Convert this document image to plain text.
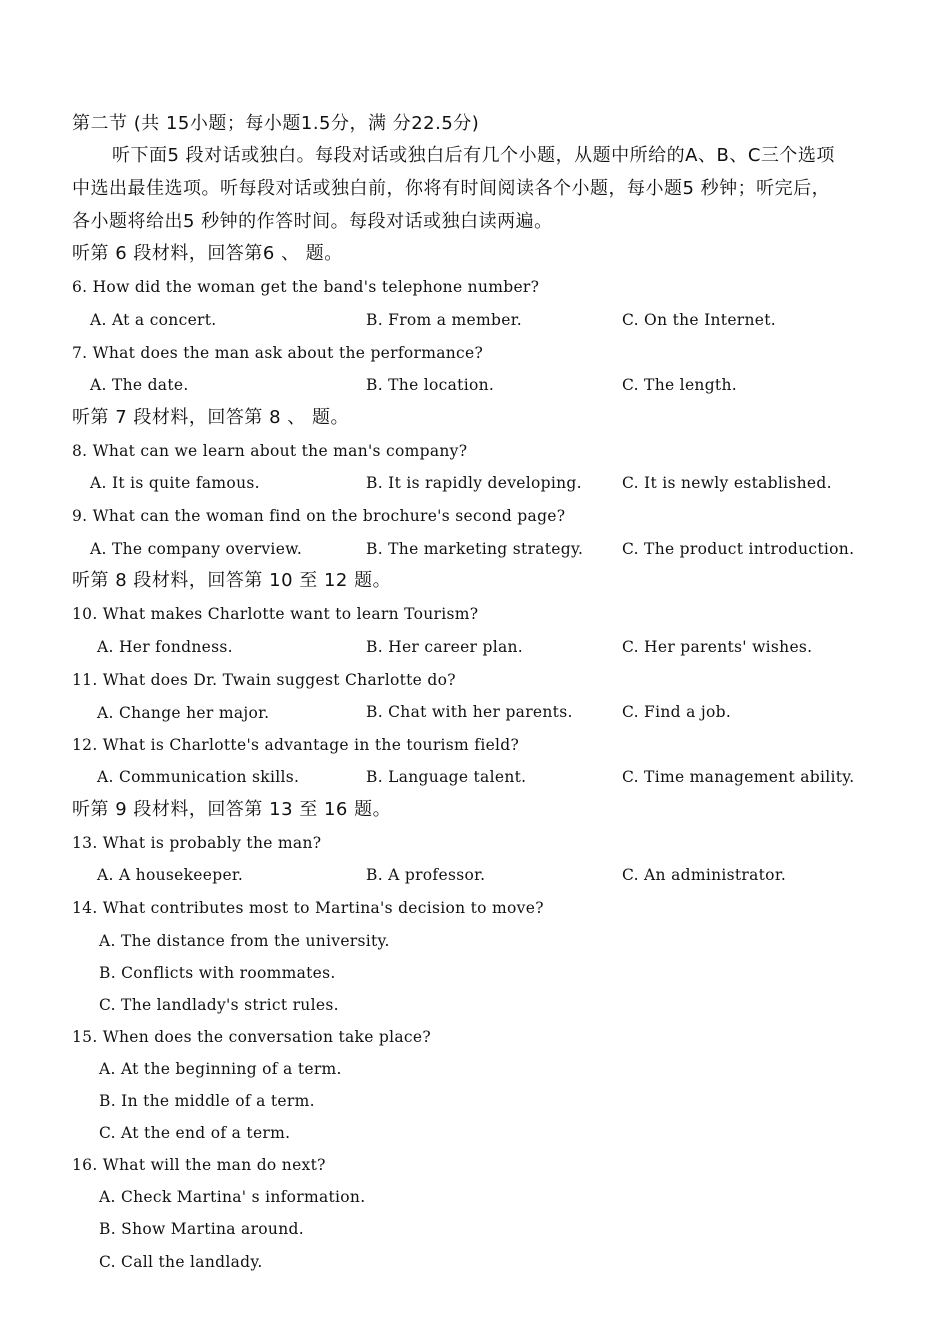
第二节 (共 15小题；每小题1.5分，满 分22.5分)
听下面5 段对话或独白。每段对话或独白后有几个小题，从题中所给的A、B、C三个选项
中选出最佳选项。听每段对话或独白前，你将有时间阅读各个小题，每小题5 秒钟；听完后，
各小题将给出5 秒钟的作答时间。每段对话或独白读两遍。
听第 6 段材料，回答第6 、 题。
6. How did the woman get the band's telephone number?
A. At a concert.	B. From a member.	C. On the Internet.
7. What does the man ask about the performance?
A. The date.	B. The location.	C. The length.
听第 7 段材料，回答第 8 、 题。
8. What can we learn about the man's company?
A. It is quite famous.	B. It is rapidly developing.	C. It is newly established.
9. What can the woman find on the brochure's second page?
A. The company overview.	B. The marketing strategy.	C. The product introduction.
听第 8 段材料，回答第 10 至 12 题。
10. What makes Charlotte want to learn Tourism?
A. Her fondness.	B. Her career plan.	C. Her parents' wishes.
11. What does Dr. Twain suggest Charlotte do?
A. Change her major.	B. Chat with her parents.	C. Find a job.
12. What is Charlotte's advantage in the tourism field?
A. Communication skills.	B. Language talent.	C. Time management ability.
听第 9 段材料，回答第 13 至 16 题。
13. What is probably the man?
A. A housekeeper.	B. A professor.	C. An administrator.
14. What contributes most to Martina's decision to move?
A. The distance from the university.
B. Conflicts with roommates.
C. The landlady's strict rules.
15. When does the conversation take place?
A. At the beginning of a term.
B. In the middle of a term.
C. At the end of a term.
16. What will the man do next?
A. Check Martina' s information.
B. Show Martina around.
C. Call the landlady.
